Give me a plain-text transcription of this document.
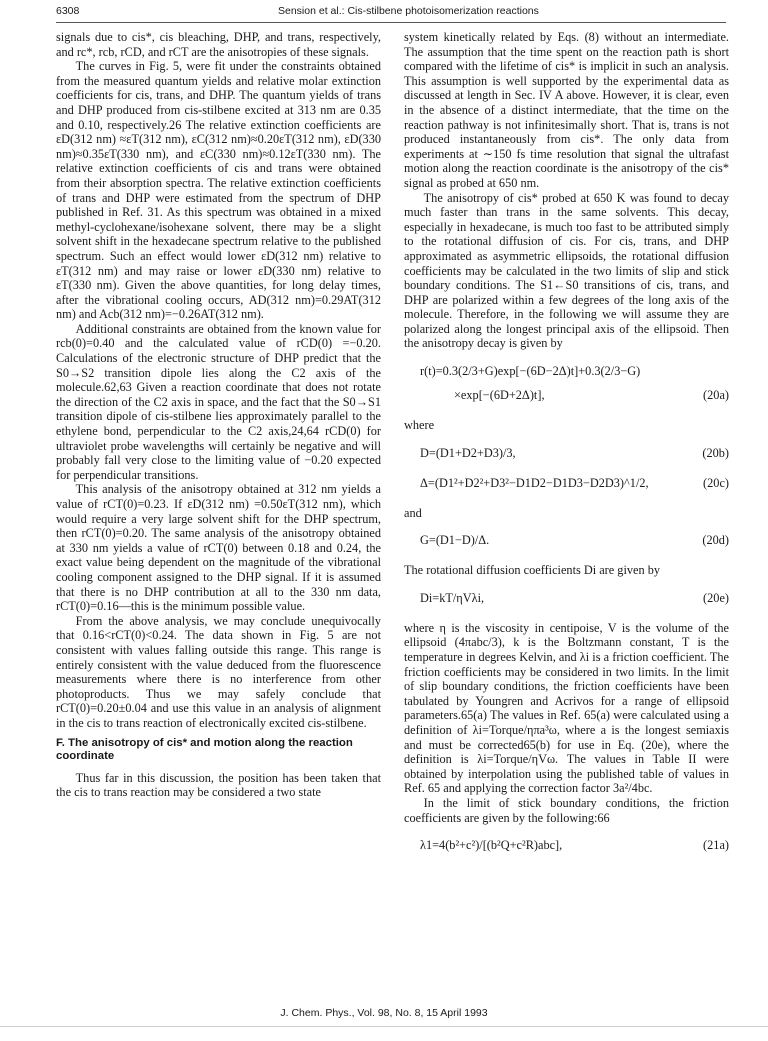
6308	Sension et al.: Cis-stilbene photoisomerization reactions

signals due to cis*, cis bleaching, DHP, and trans, respectively, and rc*, rcb, rCD, and rCT are the anisotropies of these signals.

The curves in Fig. 5, were fit under the constraints obtained from the measured quantum yields and relative molar extinction coefficients for cis, trans, and DHP. The quantum yields of trans and DHP produced from cis-stilbene excited at 313 nm are 0.35 and 0.10, respectively.26 The relative extinction coefficients are εD(312 nm) ≈εT(312 nm), εC(312 nm)≈0.20εT(312 nm), εD(330 nm)≈0.35εT(330 nm), and εC(330 nm)≈0.12εT(330 nm). The relative extinction coefficients of cis and trans were obtained from their absorption spectra. The relative extinction coefficients of trans and DHP were estimated from the spectrum of DHP published in Ref. 31. As this spectrum was obtained in a mixed methyl-cyclohexane/isohexane solvent, there may be a slight solvent shift in the hexadecane spectrum relative to the published spectrum. Such an effect would lower εD(312 nm) relative to εT(312 nm) and may raise or lower εD(330 nm) relative to εT(330 nm). Given the above quantities, for long delay times, after the vibrational cooling occurs, AD(312 nm)=0.29AT(312 nm) and Acb(312 nm)=−0.26AT(312 nm).

Additional constraints are obtained from the known value for rcb(0)=0.40 and the calculated value of rCD(0) =−0.20. Calculations of the electronic structure of DHP predict that the S0→S2 transition dipole lies along the C2 axis of the molecule.62,63 Given a reaction coordinate that does not rotate the direction of the C2 axis in space, and the fact that the S0→S1 transition dipole of cis-stilbene lies approximately parallel to the ethylene bond, perpendicular to the C2 axis,24,64 rCD(0) for ultraviolet probe wavelengths will certainly be negative and will probably fall very close to the limiting value of −0.20 expected for perpendicular transitions.

This analysis of the anisotropy obtained at 312 nm yields a value of rCT(0)=0.23. If εD(312 nm) =0.50εT(312 nm), which would require a very large solvent shift for the DHP spectrum, then rCT(0)=0.20. The same analysis of the anisotropy obtained at 330 nm yields a value of rCT(0) between 0.18 and 0.24, the exact value being dependent on the magnitude of the vibrational cooling component assigned to the DHP signal. If it is assumed that there is no DHP contribution at all to the 330 nm data, rCT(0)=0.16—this is the minimum possible value.

From the above analysis, we may conclude unequivocally that 0.16<rCT(0)<0.24. The data shown in Fig. 5 are not consistent with values falling outside this range. This range is entirely consistent with the value deduced from the fluorescence measurements where there is no interference from other photoproducts. Thus we may safely conclude that rCT(0)=0.20±0.04 and use this value in an analysis of alignment in the cis to trans reaction of electronically excited cis-stilbene.

F. The anisotropy of cis* and motion along the reaction coordinate

Thus far in this discussion, the position has been taken that the cis to trans reaction may be considered a two state

system kinetically related by Eqs. (8) without an intermediate. The assumption that the time spent on the reaction path is short compared with the lifetime of cis* is implicit in such an analysis. This assumption is well supported by the experimental data as discussed at length in Sec. IV A above. However, it is clear, even in the absence of a distinct intermediate, that the time on the reaction pathway is not infinitesimally short. That is, trans is not produced instantaneously from cis*. The only data from experiments at ∼150 fs time resolution that signal the ultrafast motion along the reaction coordinate is the anisotropy of the cis* signal as probed at 650 nm.

The anisotropy of cis* probed at 650 K was found to decay much faster than trans in the same solvents. This decay, especially in hexadecane, is much too fast to be attributed simply to the rotational diffusion of cis. For cis, trans, and DHP approximated as asymmetric ellipsoids, the rotational diffusion coefficients may be calculated in the two limits of slip and stick boundary conditions. The S1←S0 transitions of cis, trans, and DHP are polarized within a few degrees of the long axis of the molecule. Therefore, in the following we will assume they are polarized along the longest principal axis of the ellipsoid. Then the anisotropy decay is given by

r(t)=0.3(2/3+G)exp[−(6D−2Δ)t]+0.3(2/3−G)
×exp[−(6D+2Δ)t],	(20a)

where

D=(D1+D2+D3)/3,	(20b)
Δ=(D1²+D2²+D3²−D1D2−D1D3−D2D3)^1/2,	(20c)

and

G=(D1−D)/Δ.	(20d)

The rotational diffusion coefficients Di are given by

Di=kT/ηVλi,	(20e)

where η is the viscosity in centipoise, V is the volume of the ellipsoid (4πabc/3), k is the Boltzmann constant, T is the temperature in degrees Kelvin, and λi is a friction coefficient. The friction coefficients may be considered in two limits. In the limit of slip boundary conditions, the friction coefficients have been tabulated by Youngren and Acrivos for a range of ellipsoid parameters.65(a) The values in Ref. 65(a) were calculated using a definition of λi=Torque/ηπa³ω, where a is the longest semiaxis and must be corrected65(b) for use in Eq. (20e), where the definition is λi=Torque/ηVω. The values in Table II were obtained by interpolation using the published table of values in Ref. 65 and applying the correction factor 3a²/4bc.

In the limit of stick boundary conditions, the friction coefficients are given by the following:66

λ1=4(b²+c²)/[(b²Q+c²R)abc],	(21a)
J. Chem. Phys., Vol. 98, No. 8, 15 April 1993
